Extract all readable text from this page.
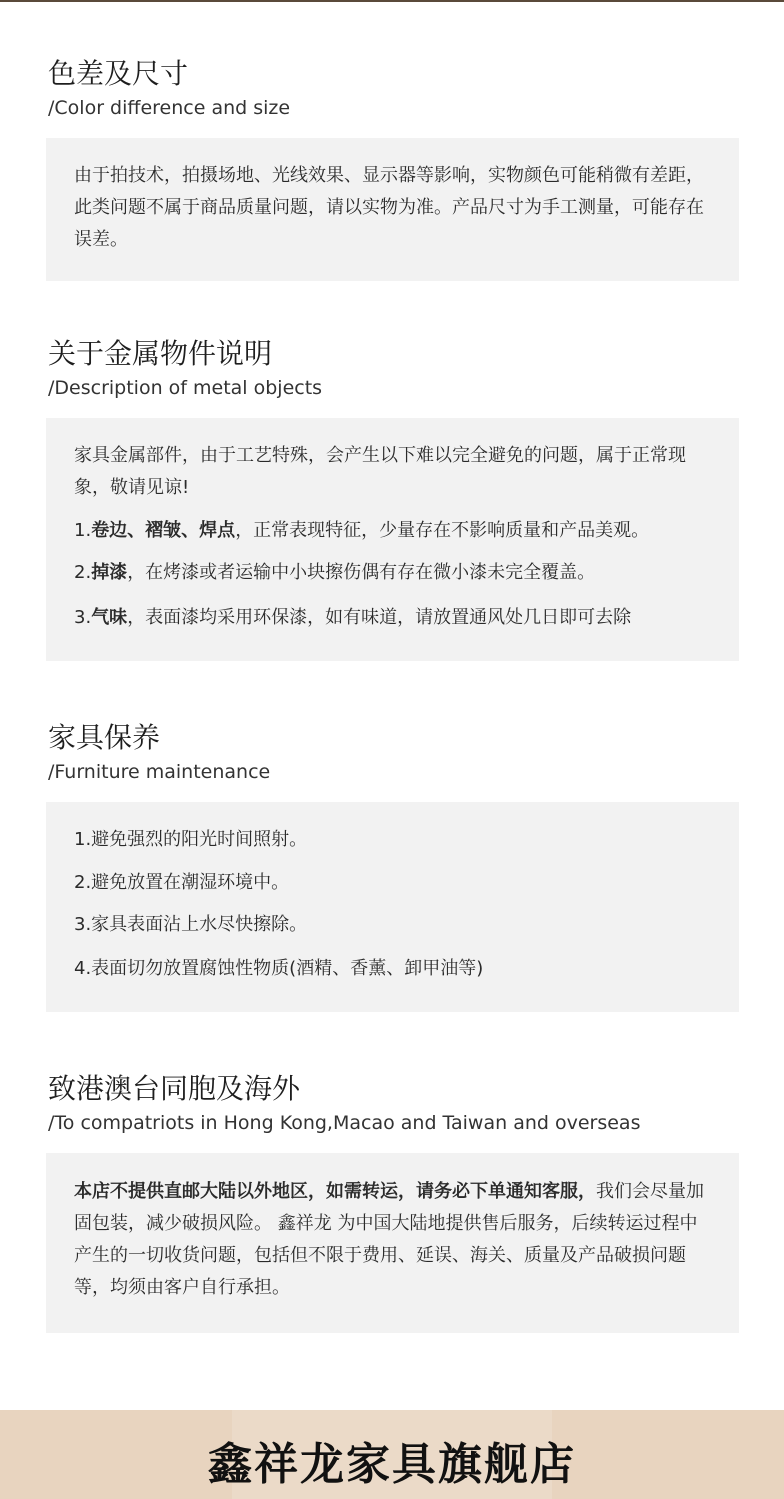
色差及尺寸
/Color difference and size

由于拍技术，拍摄场地、光线效果、显示器等影响，实物颜色可能稍微有差距，此类问题不属于商品质量问题，请以实物为准。产品尺寸为手工测量，可能存在误差。

关于金属物件说明
/Description of metal objects

家具金属部件，由于工艺特殊，会产生以下难以完全避免的问题，属于正常现象，敬请见谅!

1.卷边、褶皱、焊点，正常表现特征，少量存在不影响质量和产品美观。
2.掉漆，在烤漆或者运输中小块擦伤偶有存在微小漆未完全覆盖。
3.气味，表面漆均采用环保漆，如有味道，请放置通风处几日即可去除
家具保养
/Furniture maintenance
1.避免强烈的阳光时间照射。
2.避免放置在潮湿环境中。
3.家具表面沾上水尽快擦除。
4.表面切勿放置腐蚀性物质(酒精、香薰、卸甲油等)
致港澳台同胞及海外
/To compatriots in Hong Kong,Macao and Taiwan and overseas

本店不提供直邮大陆以外地区，如需转运，请务必下单通知客服，我们会尽量加固包装，减少破损风险。 鑫祥龙 为中国大陆地提供售后服务，后续转运过程中产生的一切收货问题，包括但不限于费用、延误、海关、质量及产品破损问题等，均须由客户自行承担。

鑫祥龙家具旗舰店
